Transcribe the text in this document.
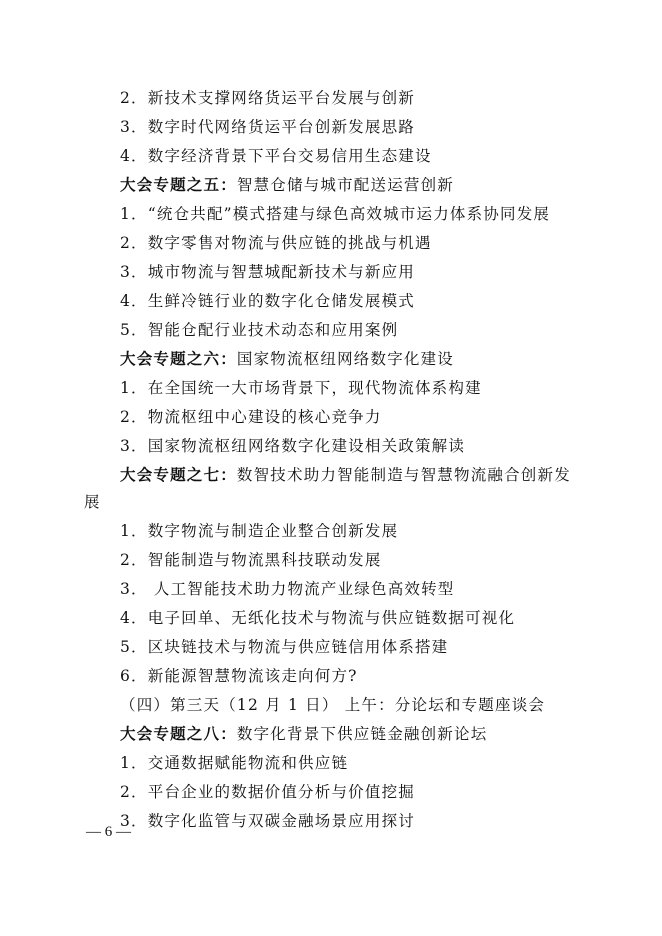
2．新技术支撑网络货运平台发展与创新
3．数字时代网络货运平台创新发展思路
4．数字经济背景下平台交易信用生态建设
大会专题之五：智慧仓储与城市配送运营创新
1．“统仓共配”模式搭建与绿色高效城市运力体系协同发展
2．数字零售对物流与供应链的挑战与机遇
3．城市物流与智慧城配新技术与新应用
4．生鲜冷链行业的数字化仓储发展模式
5．智能仓配行业技术动态和应用案例
大会专题之六：国家物流枢纽网络数字化建设
1．在全国统一大市场背景下，现代物流体系构建
2．物流枢纽中心建设的核心竞争力
3．国家物流枢纽网络数字化建设相关政策解读
大会专题之七：数智技术助力智能制造与智慧物流融合创新发
展
1．数字物流与制造企业整合创新发展
2．智能制造与物流黑科技联动发展
3． 人工智能技术助力物流产业绿色高效转型
4．电子回单、无纸化技术与物流与供应链数据可视化
5．区块链技术与物流与供应链信用体系搭建
6．新能源智慧物流该走向何方?
（四）第三天（12 月 1 日） 上午：分论坛和专题座谈会
大会专题之八：数字化背景下供应链金融创新论坛
1．交通数据赋能物流和供应链
2．平台企业的数据价值分析与价值挖掘
3．数字化监管与双碳金融场景应用探讨
— 6 —
